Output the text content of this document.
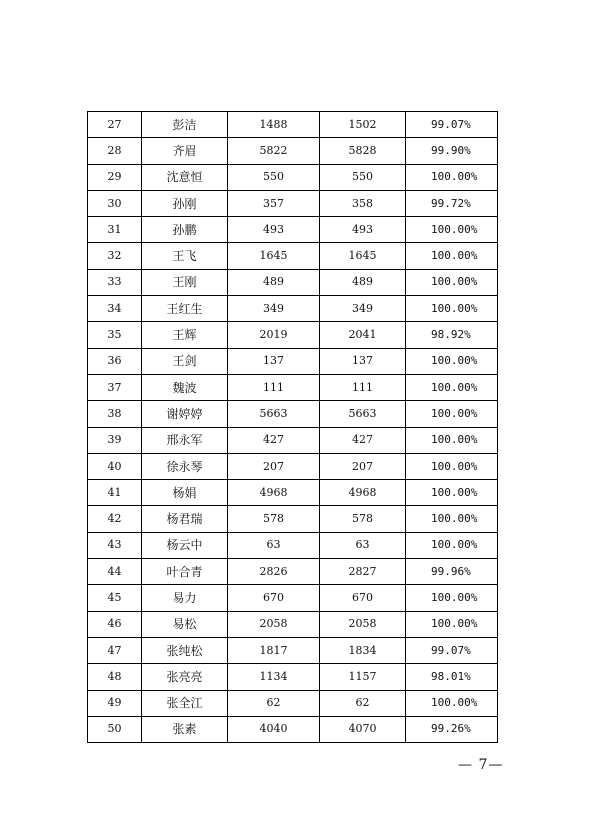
27	彭洁	1488	1502	99.07%
28	齐眉	5822	5828	99.90%
29	沈意恒	550	550	100.00%
30	孙刚	357	358	99.72%
31	孙鹏	493	493	100.00%
32	王飞	1645	1645	100.00%
33	王刚	489	489	100.00%
34	王红生	349	349	100.00%
35	王辉	2019	2041	98.92%
36	王剑	137	137	100.00%
37	魏波	111	111	100.00%
38	谢婷婷	5663	5663	100.00%
39	邢永军	427	427	100.00%
40	徐永琴	207	207	100.00%
41	杨娟	4968	4968	100.00%
42	杨君瑞	578	578	100.00%
43	杨云中	63	63	100.00%
44	叶合青	2826	2827	99.96%
45	易力	670	670	100.00%
46	易松	2058	2058	100.00%
47	张纯松	1817	1834	99.07%
48	张亮亮	1134	1157	98.01%
49	张全江	62	62	100.00%
50	张素	4040	4070	99.26%
— 7—
